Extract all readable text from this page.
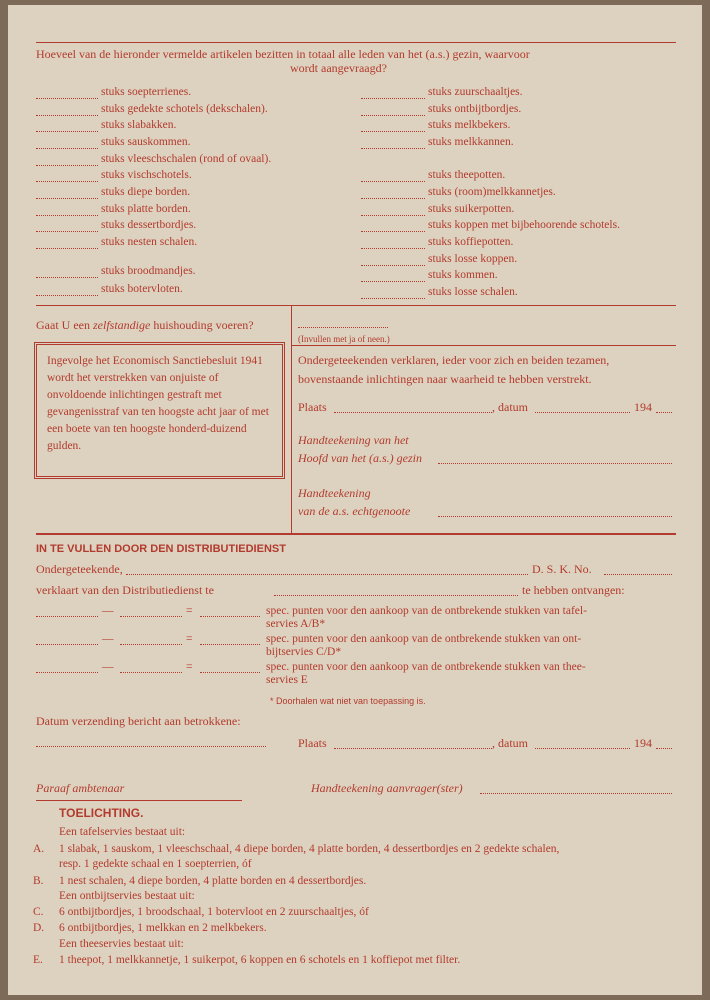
Hoeveel van de hieronder vermelde artikelen bezitten in totaal alle leden van het (a.s.) gezin, waarvoor
wordt aangevraagd?
stuks soepterrienes.
stuks gedekte schotels (dekschalen).
stuks slabakken.
stuks sauskommen.
stuks vleeschschalen (rond of ovaal).
stuks vischschotels.
stuks diepe borden.
stuks platte borden.
stuks dessertbordjes.
stuks nesten schalen.
stuks broodmandjes.
stuks botervloten.
stuks zuurschaaltjes.
stuks ontbijtbordjes.
stuks melkbekers.
stuks melkkannen.
stuks theepotten.
stuks (room)melkkannetjes.
stuks suikerpotten.
stuks koppen met bijbehoorende schotels.
stuks koffiepotten.
stuks losse koppen.
stuks kommen.
stuks losse schalen.
Gaat U een zelfstandige huishouding voeren?
(Invullen met ja of neen.)
Ingevolge het Economisch Sanctiebesluit 1941 wordt het verstrekken van onjuiste of onvoldoende inlichtingen gestraft met gevangenisstraf van ten hoogste acht jaar of met een boete van ten hoogste honderd-duizend gulden.
Ondergeteekenden verklaren, ieder voor zich en beiden tezamen,
bovenstaande inlichtingen naar waarheid te hebben verstrekt.
Plaats	, datum	194
Handteekening van het
Hoofd van het (a.s.) gezin
Handteekening
van de a.s. echtgenoote
IN TE VULLEN DOOR DEN DISTRIBUTIEDIENST
Ondergeteekende,	D. S. K. No.
verklaart van den Distributiedienst te	te hebben ontvangen:
—	=	spec. punten voor den aankoop van de ontbrekende stukken van tafel-
servies A/B*
—	=	spec. punten voor den aankoop van de ontbrekende stukken van ont-
bijtservies C/D*
—	=	spec. punten voor den aankoop van de ontbrekende stukken van thee-
servies E
* Doorhalen wat niet van toepassing is.
Datum verzending bericht aan betrokkene:
Plaats	, datum	194
Paraaf ambtenaar	Handteekening aanvrager(ster)
TOELICHTING.
Een tafelservies bestaat uit:
A. 1 slabak, 1 sauskom, 1 vleeschschaal, 4 diepe borden, 4 platte borden, 4 dessertbordjes en 2 gedekte schalen,
resp. 1 gedekte schaal en 1 soepterrien, óf
B. 1 nest schalen, 4 diepe borden, 4 platte borden en 4 dessertbordjes.
Een ontbijtservies bestaat uit:
C. 6 ontbijtbordjes, 1 broodschaal, 1 botervloot en 2 zuurschaaltjes, óf
D. 6 ontbijtbordjes, 1 melkkan en 2 melkbekers.
Een theeservies bestaat uit:
E. 1 theepot, 1 melkkannetje, 1 suikerpot, 6 koppen en 6 schotels en 1 koffiepot met filter.
